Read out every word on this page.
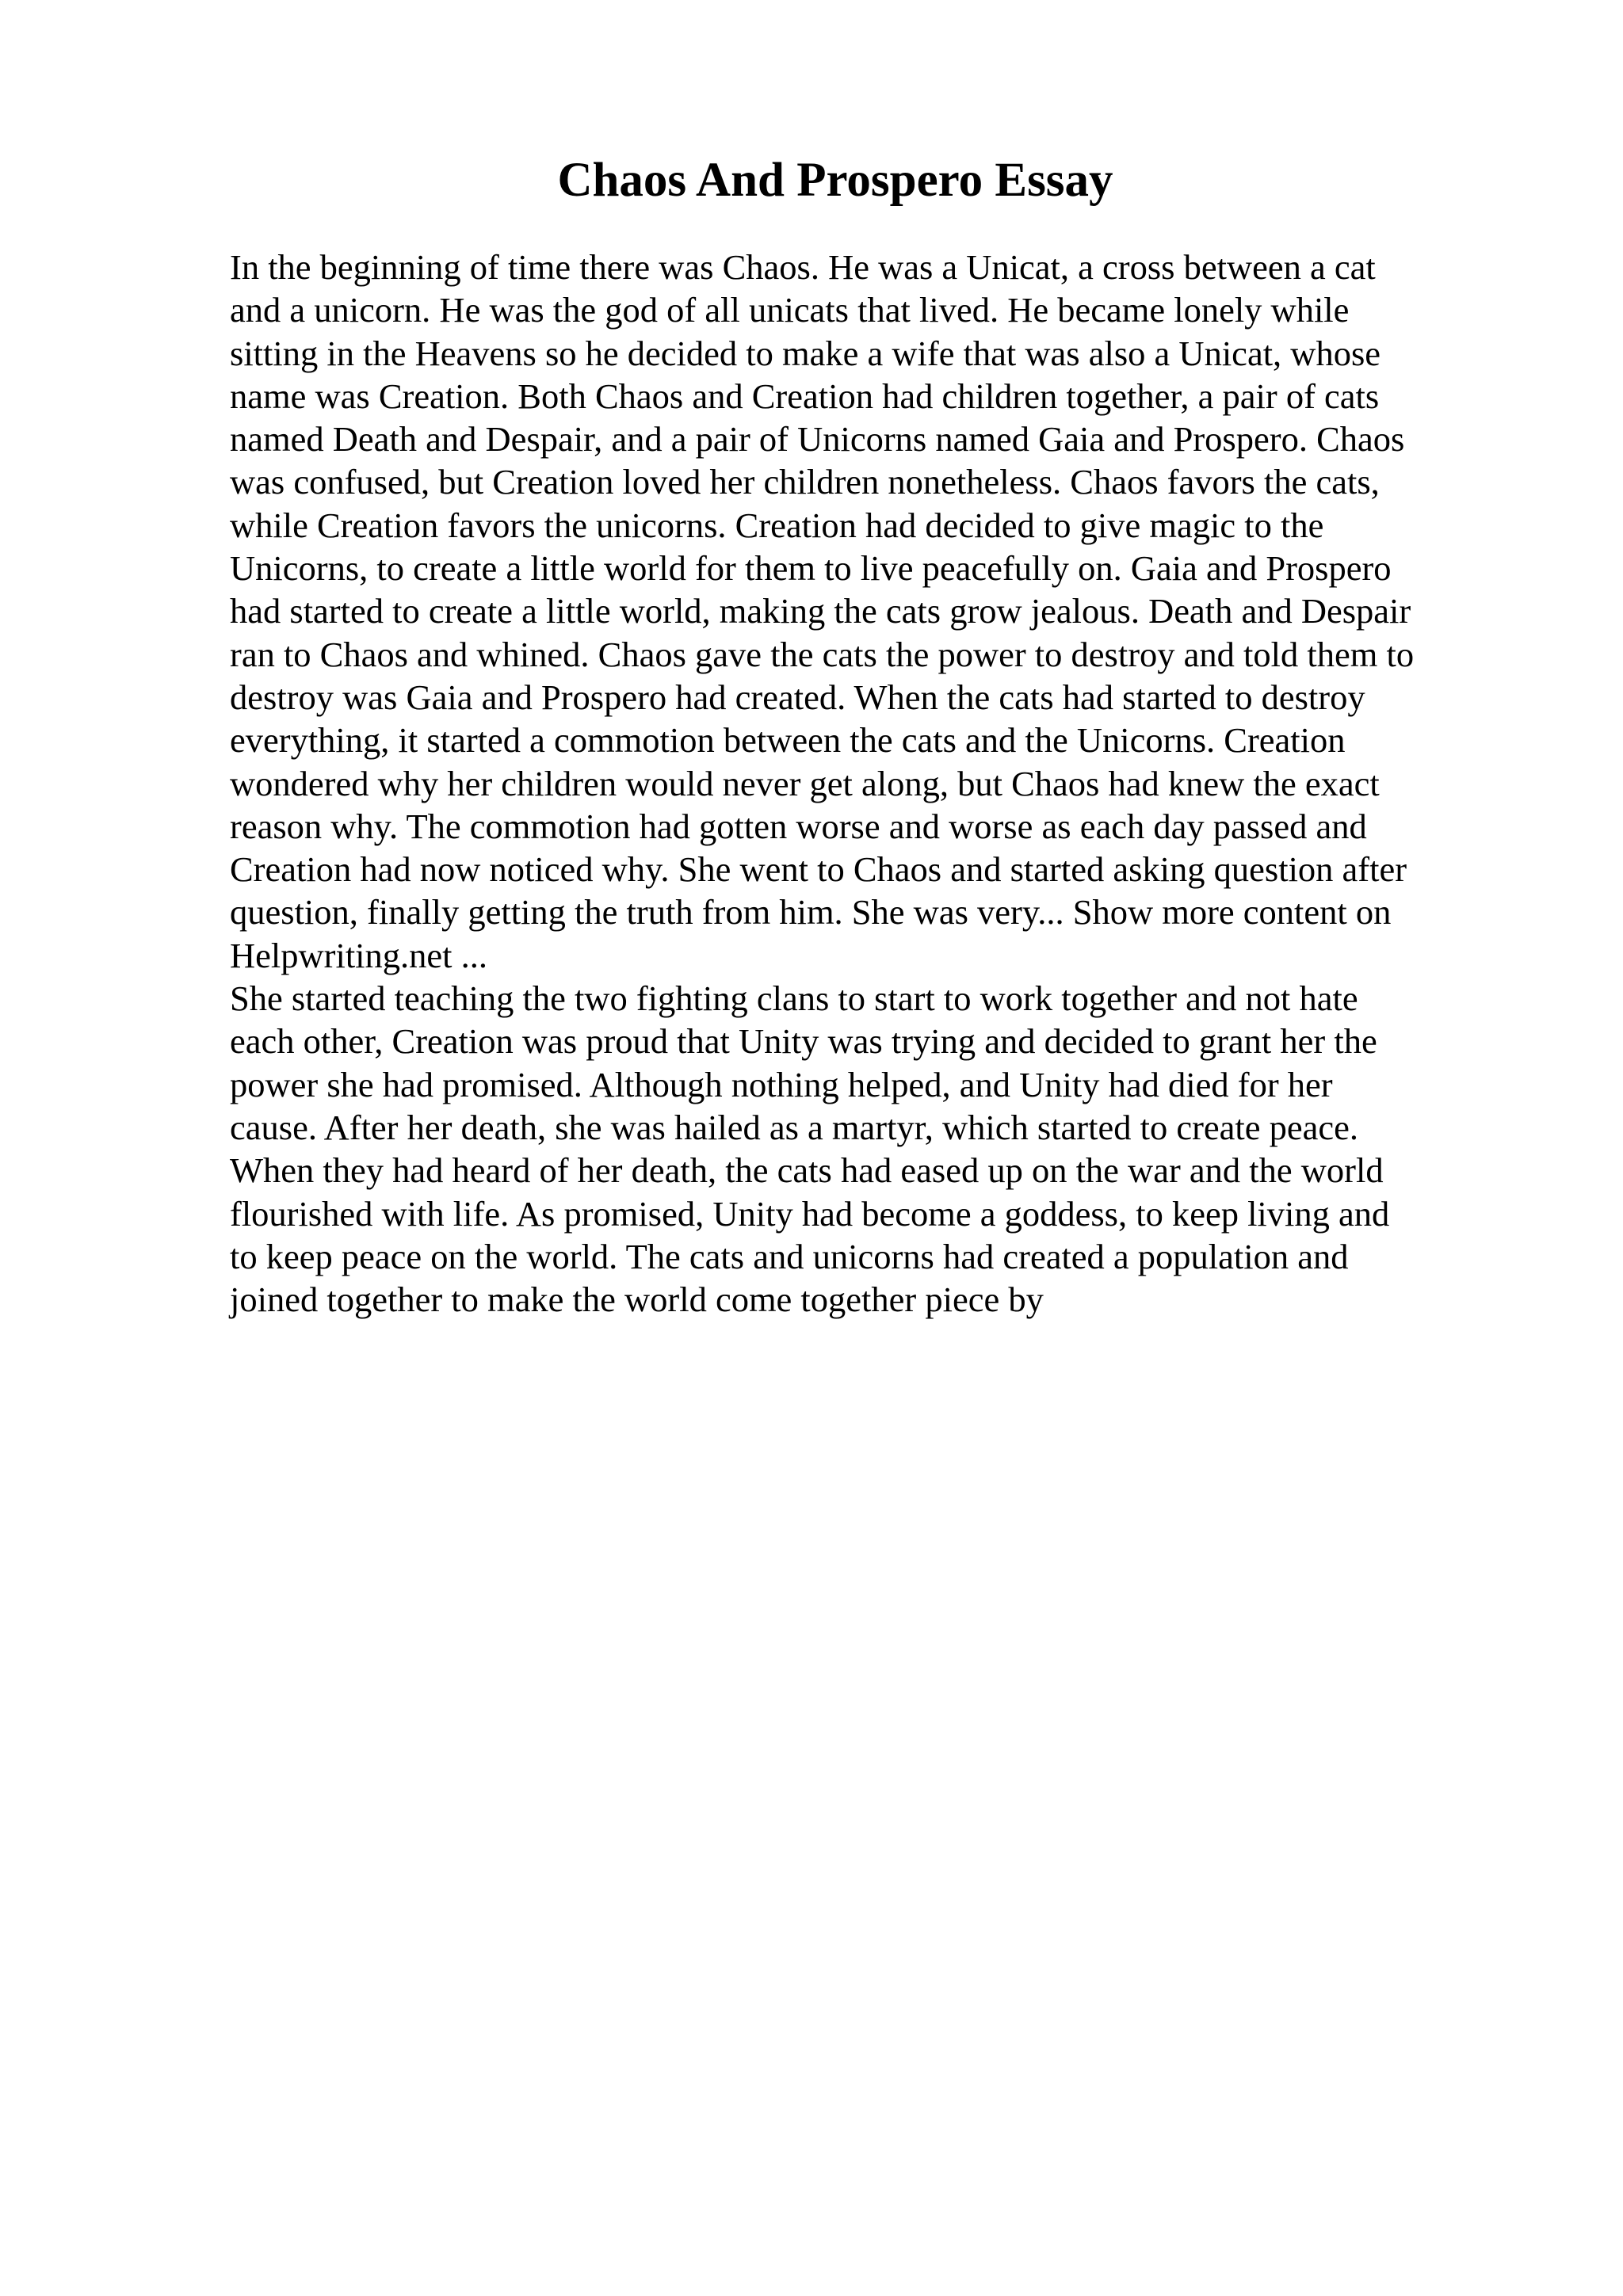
Chaos And Prospero Essay
In the beginning of time there was Chaos. He was a Unicat, a cross between a cat
and a unicorn. He was the god of all unicats that lived. He became lonely while
sitting in the Heavens so he decided to make a wife that was also a Unicat, whose
name was Creation. Both Chaos and Creation had children together, a pair of cats
named Death and Despair, and a pair of Unicorns named Gaia and Prospero. Chaos
was confused, but Creation loved her children nonetheless. Chaos favors the cats,
while Creation favors the unicorns. Creation had decided to give magic to the
Unicorns, to create a little world for them to live peacefully on. Gaia and Prospero
had started to create a little world, making the cats grow jealous. Death and Despair
ran to Chaos and whined. Chaos gave the cats the power to destroy and told them to
destroy was Gaia and Prospero had created. When the cats had started to destroy
everything, it started a commotion between the cats and the Unicorns. Creation
wondered why her children would never get along, but Chaos had knew the exact
reason why. The commotion had gotten worse and worse as each day passed and
Creation had now noticed why. She went to Chaos and started asking question after
question, finally getting the truth from him. She was very... Show more content on
Helpwriting.net ...
She started teaching the two fighting clans to start to work together and not hate
each other, Creation was proud that Unity was trying and decided to grant her the
power she had promised. Although nothing helped, and Unity had died for her
cause. After her death, she was hailed as a martyr, which started to create peace.
When they had heard of her death, the cats had eased up on the war and the world
flourished with life. As promised, Unity had become a goddess, to keep living and
to keep peace on the world. The cats and unicorns had created a population and
joined together to make the world come together piece by
